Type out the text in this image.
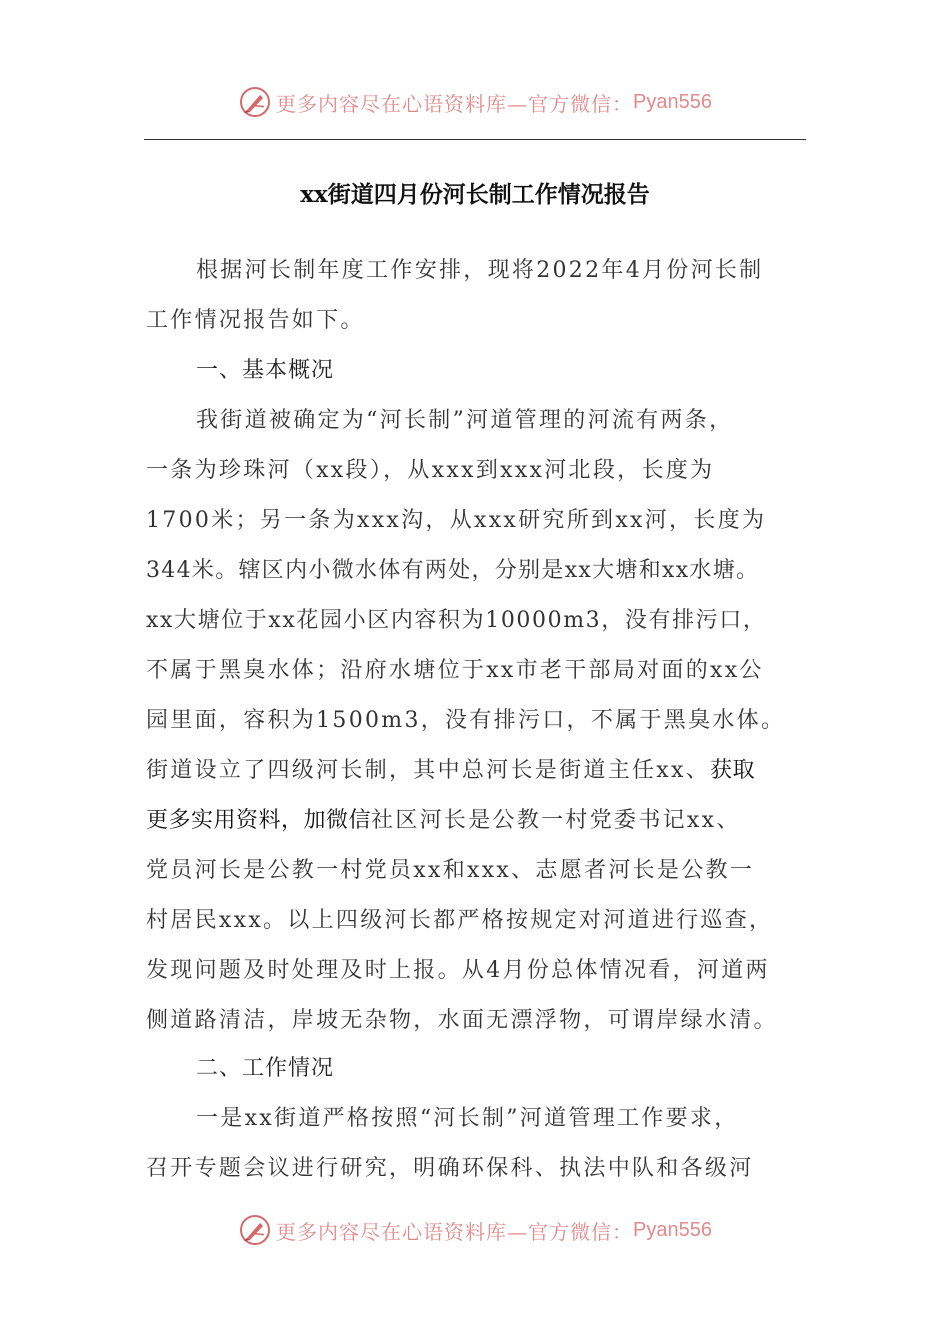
更多内容尽在心语资料库—官方微信： Pyan556
xx街道四月份河长制工作情况报告
根据河长制年度工作安排，现将2022年4月份河长制
工作情况报告如下。
一、基本概况
我街道被确定为“河长制”河道管理的河流有两条，
一条为珍珠河（xx段），从xxx到xxx河北段，长度为
1700米；另一条为xxx沟，从xxx研究所到xx河，长度为
344米。辖区内小微水体有两处，分别是xx大塘和xx水塘。
xx大塘位于xx花园小区内容积为10000m3，没有排污口，
不属于黑臭水体；沿府水塘位于xx市老干部局对面的xx公
园里面，容积为1500m3，没有排污口，不属于黑臭水体。
街道设立了四级河长制，其中总河长是街道主任xx、获取
更多实用资料，加微信社区河长是公教一村党委书记xx、
党员河长是公教一村党员xx和xxx、志愿者河长是公教一
村居民xxx。以上四级河长都严格按规定对河道进行巡查，
发现问题及时处理及时上报。从4月份总体情况看，河道两
侧道路清洁，岸坡无杂物，水面无漂浮物，可谓岸绿水清。
二、工作情况
一是xx街道严格按照“河长制”河道管理工作要求，
召开专题会议进行研究，明确环保科、执法中队和各级河
更多内容尽在心语资料库—官方微信： Pyan556
